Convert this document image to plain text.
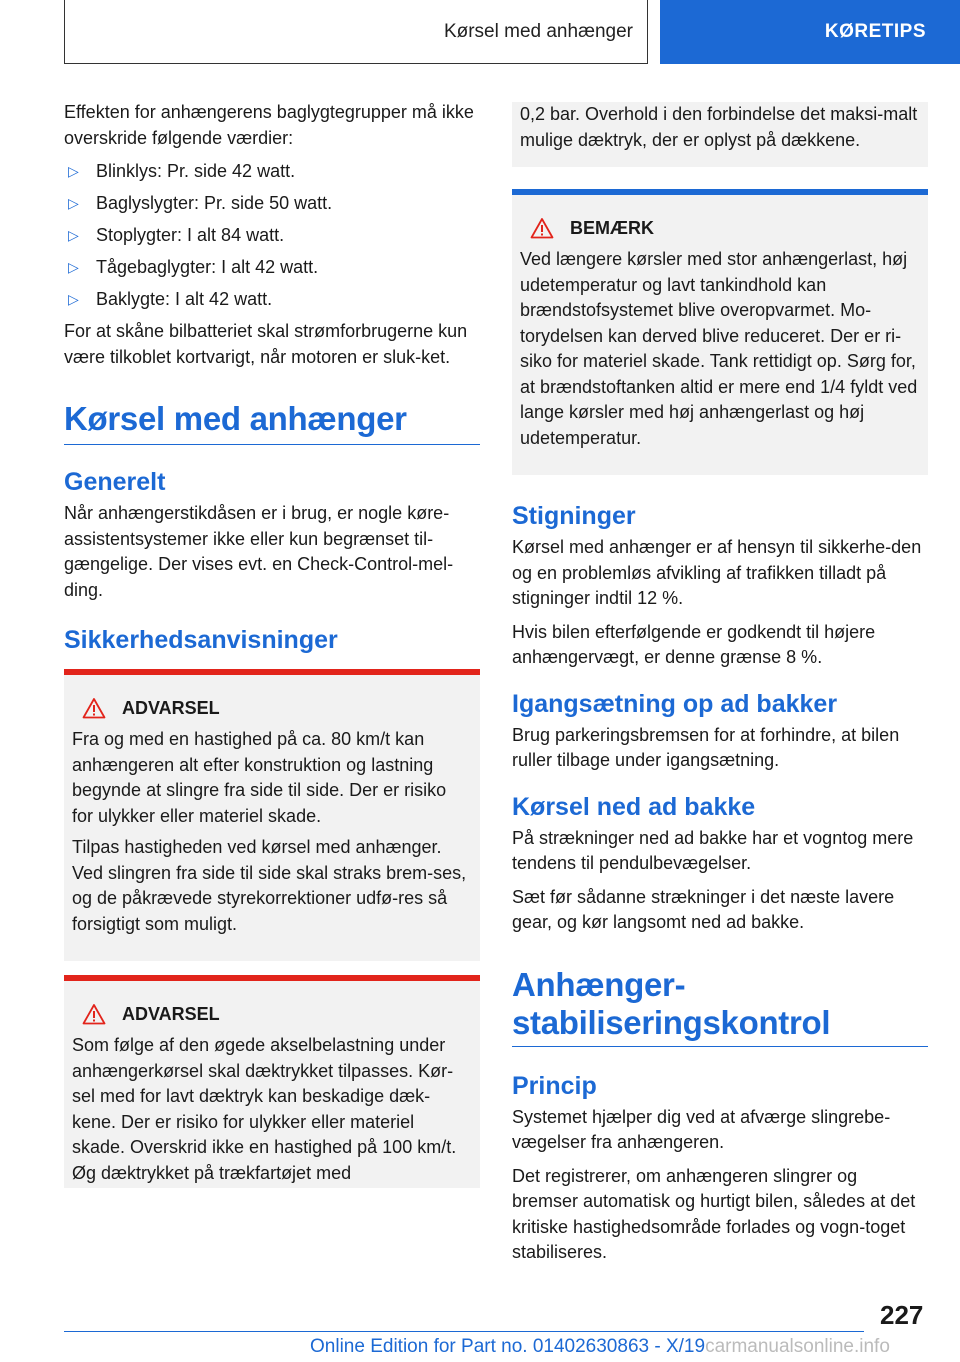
Kørsel med anhænger	KØRETIPS

Effekten for anhængerens baglygtegrupper må ikke overskride følgende værdier:

▷ Blinklys: Pr. side 42 watt.
▷ Baglyslygter: Pr. side 50 watt.
▷ Stoplygter: I alt 84 watt.
▷ Tågebaglygter: I alt 42 watt.
▷ Baklygte: I alt 42 watt.

For at skåne bilbatteriet skal strømforbrugerne kun være tilkoblet kortvarigt, når motoren er sluk-ket.

Kørsel med anhænger
Generelt

Når anhængerstikdåsen er i brug, er nogle køre-assistentsystemer ikke eller kun begrænset til-gængelige. Der vises evt. en Check-Control-mel-ding.

Sikkerhedsanvisninger
ADVARSEL

Fra og med en hastighed på ca. 80 km/t kan anhængeren alt efter konstruktion og lastning begynde at slingre fra side til side. Der er risiko for ulykker eller materiel skade.

Tilpas hastigheden ved kørsel med anhænger. Ved slingren fra side til side skal straks brem-ses, og de påkrævede styrekorrektioner udfø-res så forsigtigt som muligt.

ADVARSEL

Som følge af den øgede akselbelastning under anhængerkørsel skal dæktrykket tilpasses. Kør-sel med for lavt dæktryk kan beskadige dæk-kene. Der er risiko for ulykker eller materiel skade. Overskrid ikke en hastighed på 100 km/t. Øg dæktrykket på trækfartøjet med

0,2 bar. Overhold i den forbindelse det maksi-malt mulige dæktryk, der er oplyst på dækkene.

BEMÆRK

Ved længere kørsler med stor anhængerlast, høj udetemperatur og lavt tankindhold kan brændstofsystemet blive overopvarmet. Mo-torydelsen kan derved blive reduceret. Der er ri-siko for materiel skade. Tank rettidigt op. Sørg for, at brændstoftanken altid er mere end 1/4 fyldt ved lange kørsler med høj anhængerlast og høj udetemperatur.

Stigninger

Kørsel med anhænger er af hensyn til sikkerhe-den og en problemløs afvikling af trafikken tilladt på stigninger indtil 12 %.

Hvis bilen efterfølgende er godkendt til højere anhængervægt, er denne grænse 8 %.

Igangsætning op ad bakker

Brug parkeringsbremsen for at forhindre, at bilen ruller tilbage under igangsætning.

Kørsel ned ad bakke

På strækninger ned ad bakke har et vogntog mere tendens til pendulbevægelser.

Sæt før sådanne strækninger i det næste lavere gear, og kør langsomt ned ad bakke.

Anhænger-
stabiliseringskontrol
Princip

Systemet hjælper dig ved at afværge slingrebe-vægelser fra anhængeren.

Det registrerer, om anhængeren slingrer og bremser automatisk og hurtigt bilen, således at det kritiske hastighedsområde forlades og vogn-toget stabiliseres.

227
Online Edition for Part no. 01402630863 - X/19carmanualsonline.info
